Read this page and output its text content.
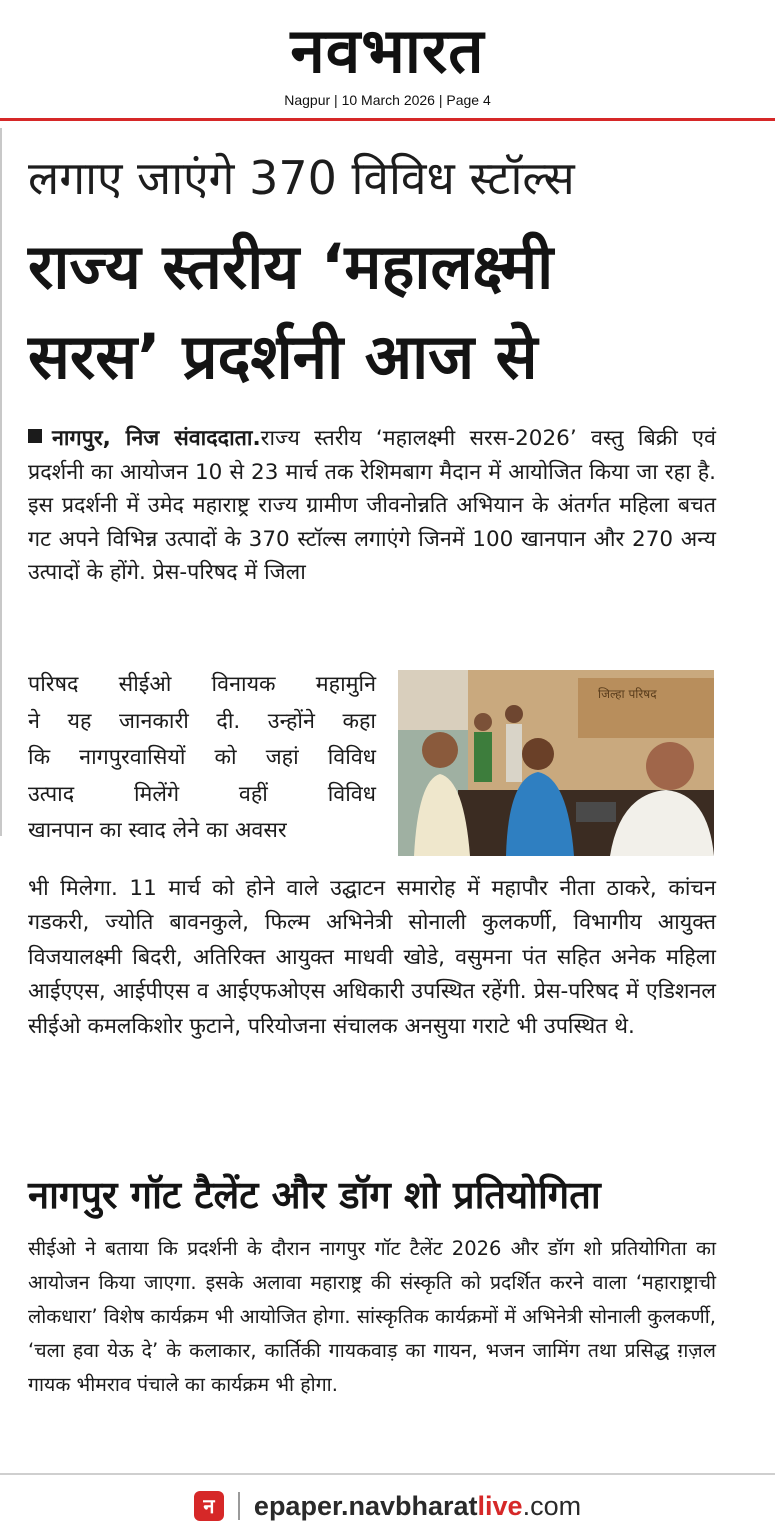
नवभारत
Nagpur | 10 March 2026 | Page 4
लगाए जाएंगे 370 विविध स्टॉल्स
राज्य स्तरीय ‘महालक्ष्मी
सरस’ प्रदर्शनी आज से
नागपुर, निज संवाददाता.राज्य स्तरीय ‘महालक्ष्मी सरस-2026’ वस्तु बिक्री एवं प्रदर्शनी का आयोजन 10 से 23 मार्च तक रेशिमबाग मैदान में आयोजित किया जा रहा है. इस प्रदर्शनी में उमेद महाराष्ट्र राज्य ग्रामीण जीवनोन्नति अभियान के अंतर्गत महिला बचत गट अपने विभिन्न उत्पादों के 370 स्टॉल्स लगाएंगे जिनमें 100 खानपान और 270 अन्य उत्पादों के होंगे. प्रेस-परिषद में जिला
परिषद सीईओ विनायक महामुनि
ने यह जानकारी दी. उन्होंने कहा
कि नागपुरवासियों को जहां विविध
उत्पाद मिलेंगे वहीं विविध
खानपान का स्वाद लेने का अवसर
जिल्हा परिषद
भी मिलेगा. 11 मार्च को होने वाले उद्घाटन समारोह में महापौर नीता ठाकरे, कांचन गडकरी, ज्योति बावनकुले, फिल्म अभिनेत्री सोनाली कुलकर्णी, विभागीय आयुक्त विजयालक्ष्मी बिदरी, अतिरिक्त आयुक्त माधवी खोडे, वसुमना पंत सहित अनेक महिला आईएएस, आईपीएस व आईएफओएस अधिकारी उपस्थित रहेंगी. प्रेस-परिषद में एडिशनल सीईओ कमलकिशोर फुटाने, परियोजना संचालक अनसुया गराटे भी उपस्थित थे.
नागपुर गॉट टैलेंट और डॉग शो प्रतियोगिता
सीईओ ने बताया कि प्रदर्शनी के दौरान नागपुर गॉट टैलेंट 2026 और डॉग शो प्रतियोगिता का आयोजन किया जाएगा. इसके अलावा महाराष्ट्र की संस्कृति को प्रदर्शित करने वाला ‘महाराष्ट्राची लोकधारा’ विशेष कार्यक्रम भी आयोजित होगा. सांस्कृतिक कार्यक्रमों में अभिनेत्री सोनाली कुलकर्णी, ‘चला हवा येऊ दे’ के कलाकार, कार्तिकी गायकवाड़ का गायन, भजन जामिंग तथा प्रसिद्ध ग़ज़ल गायक भीमराव पंचाले का कार्यक्रम भी होगा.
न	epaper.navbharatlive.com
